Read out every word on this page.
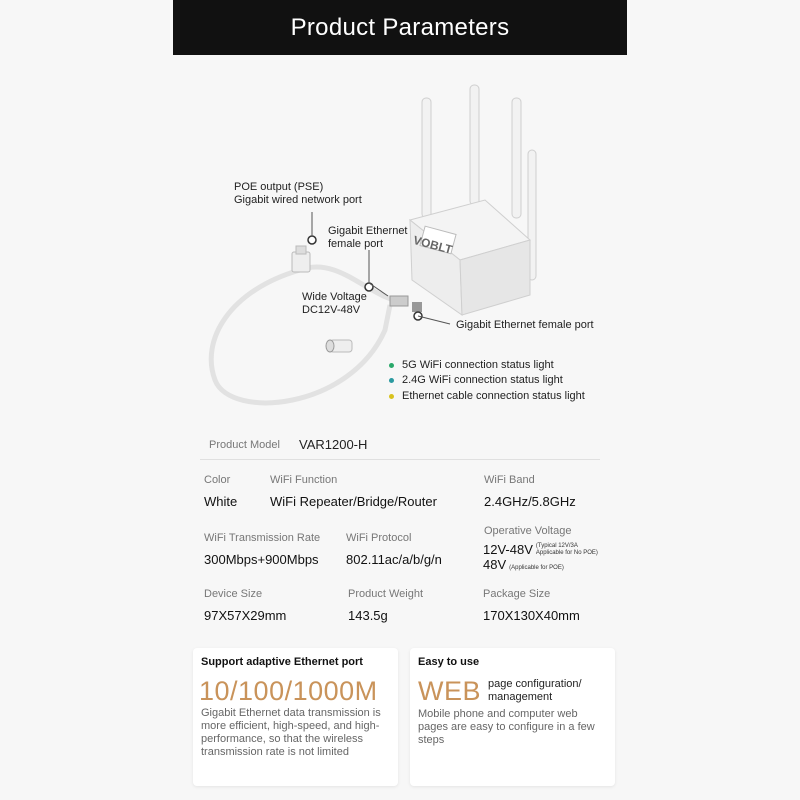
Product Parameters
VOBLT
POE output (PSE)
Gigabit wired network port
Gigabit Ethernet
female port
Wide Voltage
DC12V-48V
Gigabit Ethernet female port
5G WiFi connection status light
2.4G WiFi connection status light
Ethernet cable connection status light
Product Model	VAR1200-H
Color
White
WiFi Function
WiFi Repeater/Bridge/Router
WiFi Band
2.4GHz/5.8GHz
WiFi Transmission Rate
300Mbps+900Mbps
WiFi Protocol
802.11ac/a/b/g/n
Operative Voltage
12V-48V (Typical 12V/3A
Applicable for No POE)
48V (Applicable for POE)
Device Size
97X57X29mm
Product Weight
143.5g
Package Size
170X130X40mm
Support adaptive Ethernet port
10/100/1000M
Gigabit Ethernet data transmission is more efficient, high-speed, and high-performance, so that the wireless transmission rate is not limited
Easy to use
WEB page configuration/ management
Mobile phone and computer web pages are easy to configure in a few steps
